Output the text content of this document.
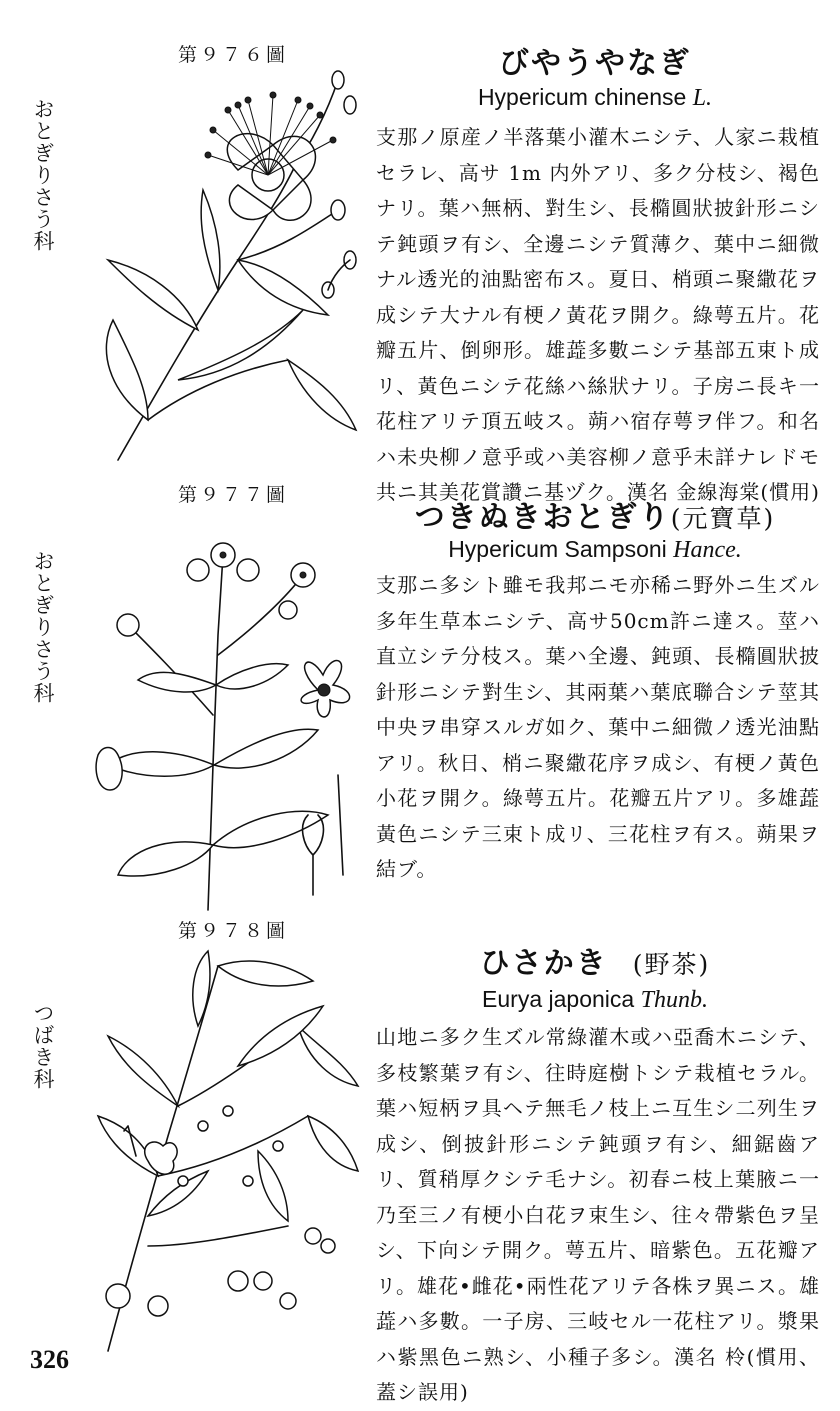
第９７６圖
おとぎりさう科
びやうやなぎ
Hypericum chinense L.

支那ノ原産ノ半落葉小灌木ニシテ、人家ニ栽植セラレ、高サ 1m 内外アリ、多ク分枝シ、褐色ナリ。葉ハ無柄、對生シ、長橢圓狀披針形ニシテ鈍頭ヲ有シ、全邊ニシテ質薄ク、葉中ニ細微ナル透光的油點密布ス。夏日、梢頭ニ聚繖花ヲ成シテ大ナル有梗ノ黃花ヲ開ク。綠萼五片。花瓣五片、倒卵形。雄蕋多數ニシテ基部五束ト成リ、黃色ニシテ花絲ハ絲狀ナリ。子房ニ長キ一花柱アリテ頂五岐ス。蒴ハ宿存萼ヲ伴フ。和名ハ未央柳ノ意乎或ハ美容柳ノ意乎未詳ナレドモ共ニ其美花賞讚ニ基ヅク。漢名 金線海棠(慣用)

第９７７圖
おとぎりさう科
つきぬきおとぎり(元寶草)
Hypericum Sampsoni Hance.

支那ニ多シト雖モ我邦ニモ亦稀ニ野外ニ生ズル多年生草本ニシテ、高サ50cm許ニ達ス。莖ハ直立シテ分枝ス。葉ハ全邊、鈍頭、長橢圓狀披針形ニシテ對生シ、其兩葉ハ葉底聯合シテ莖其中央ヲ串穿スルガ如ク、葉中ニ細微ノ透光油點アリ。秋日、梢ニ聚繖花序ヲ成シ、有梗ノ黃色小花ヲ開ク。綠萼五片。花瓣五片アリ。多雄蕋黃色ニシテ三束ト成リ、三花柱ヲ有ス。蒴果ヲ結ブ。

第９７８圖
つばき科
ひさかき (野茶)
Eurya japonica Thunb.

山地ニ多ク生ズル常綠灌木或ハ亞喬木ニシテ、多枝繁葉ヲ有シ、往時庭樹トシテ栽植セラル。葉ハ短柄ヲ具ヘテ無毛ノ枝上ニ互生シ二列生ヲ成シ、倒披針形ニシテ鈍頭ヲ有シ、細鋸齒アリ、質稍厚クシテ毛ナシ。初春ニ枝上葉腋ニ一乃至三ノ有梗小白花ヲ束生シ、往々帶紫色ヲ呈シ、下向シテ開ク。萼五片、暗紫色。五花瓣アリ。雄花•雌花•兩性花アリテ各株ヲ異ニス。雄蕋ハ多數。一子房、三岐セル一花柱アリ。漿果ハ紫黑色ニ熟シ、小種子多シ。漢名 柃(慣用、蓋シ誤用)

326
